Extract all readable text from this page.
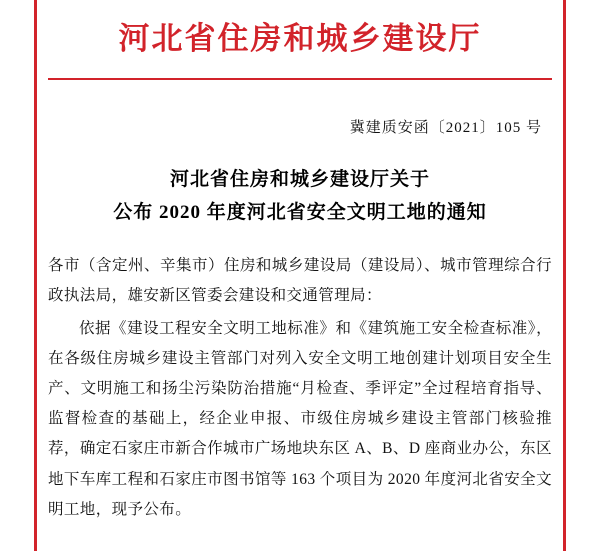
河北省住房和城乡建设厅
冀建质安函〔2021〕105 号
河北省住房和城乡建设厅关于
公布 2020 年度河北省安全文明工地的通知

各市（含定州、辛集市）住房和城乡建设局（建设局）、城市管理综合行政执法局，雄安新区管委会建设和交通管理局：

依据《建设工程安全文明工地标准》和《建筑施工安全检查标准》，在各级住房城乡建设主管部门对列入安全文明工地创建计划项目安全生产、文明施工和扬尘污染防治措施“月检查、季评定”全过程培育指导、监督检查的基础上，经企业申报、市级住房城乡建设主管部门核验推荐，确定石家庄市新合作城市广场地块东区 A、B、D 座商业办公，东区地下车库工程和石家庄市图书馆等 163 个项目为 2020 年度河北省安全文明工地，现予公布。
